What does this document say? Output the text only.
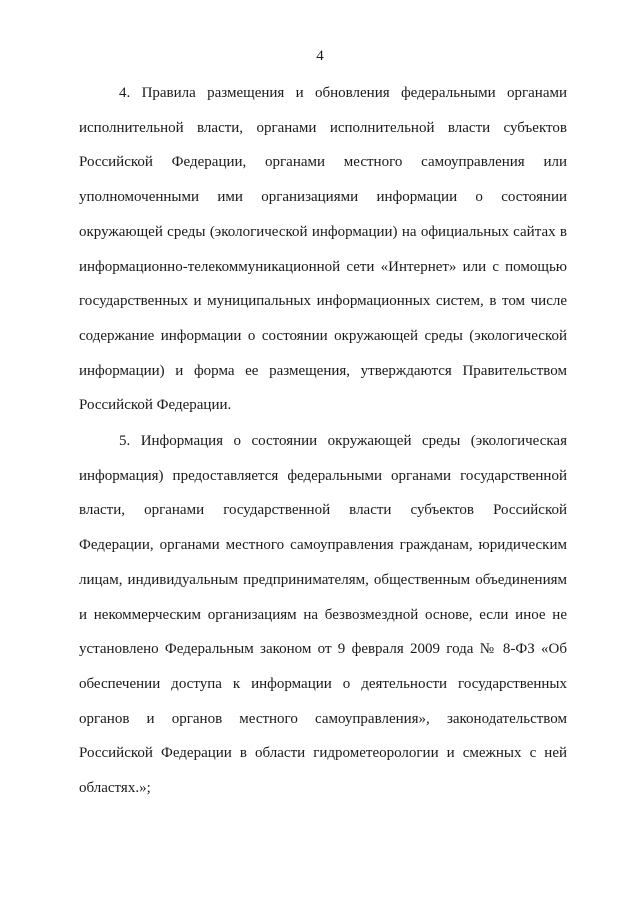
4

4. Правила размещения и обновления федеральными органами исполнительной власти, органами исполнительной власти субъектов Российской Федерации, органами местного самоуправления или уполномоченными ими организациями информации о состоянии окружающей среды (экологической информации) на официальных сайтах в информационно-телекоммуникационной сети «Интернет» или с помощью государственных и муниципальных информационных систем, в том числе содержание информации о состоянии окружающей среды (экологической информации) и форма ее размещения, утверждаются Правительством Российской Федерации.

5. Информация о состоянии окружающей среды (экологическая информация) предоставляется федеральными органами государственной власти, органами государственной власти субъектов Российской Федерации, органами местного самоуправления гражданам, юридическим лицам, индивидуальным предпринимателям, общественным объединениям и некоммерческим организациям на безвозмездной основе, если иное не установлено Федеральным законом от 9 февраля 2009 года № 8-ФЗ «Об обеспечении доступа к информации о деятельности государственных органов и органов местного самоуправления», законодательством Российской Федерации в области гидрометеорологии и смежных с ней областях.»;
